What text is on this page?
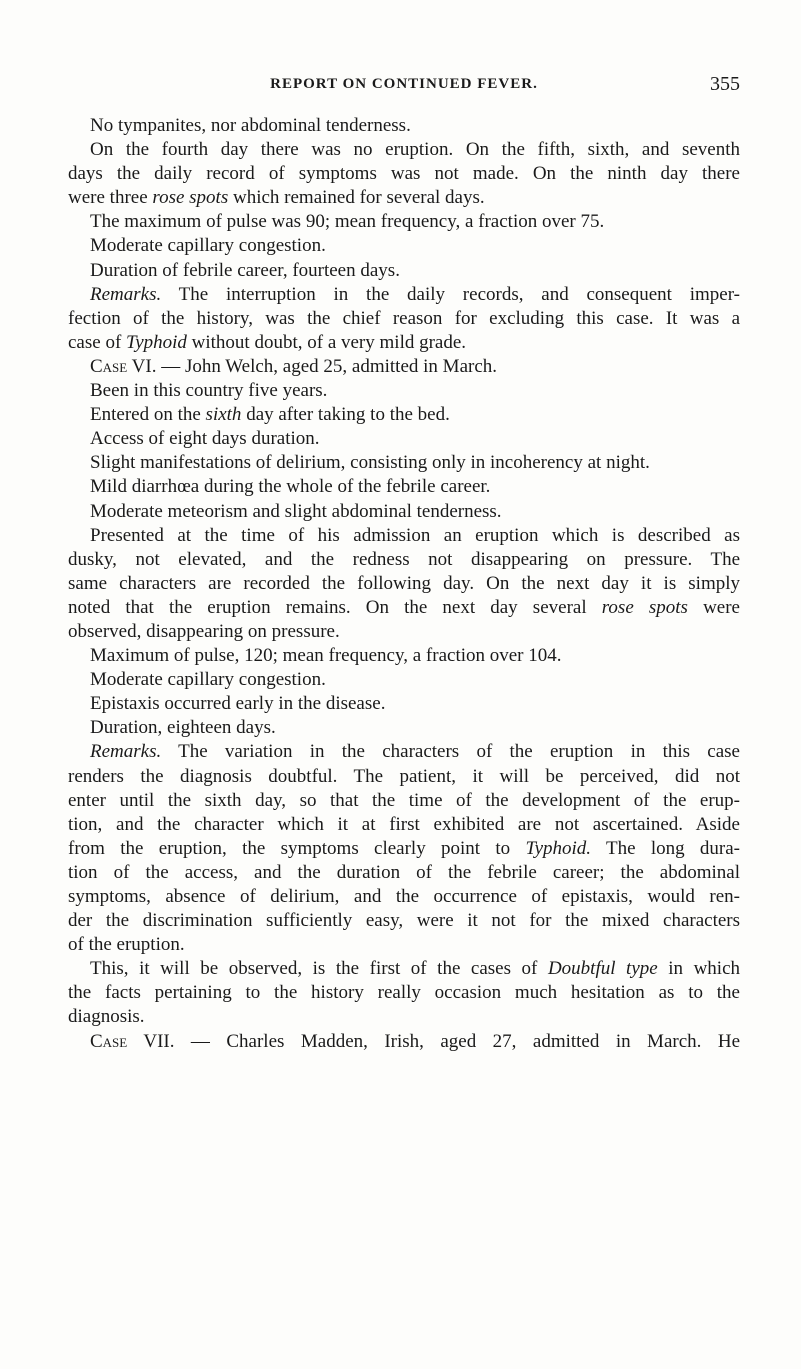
REPORT ON CONTINUED FEVER.	355
No tympanites, nor abdominal tenderness.
On the fourth day there was no eruption. On the fifth, sixth, and seventh
days the daily record of symptoms was not made. On the ninth day there
were three rose spots which remained for several days.
The maximum of pulse was 90; mean frequency, a fraction over 75.
Moderate capillary congestion.
Duration of febrile career, fourteen days.
Remarks. The interruption in the daily records, and consequent imper-
fection of the history, was the chief reason for excluding this case. It was a
case of Typhoid without doubt, of a very mild grade.
Case VI. — John Welch, aged 25, admitted in March.
Been in this country five years.
Entered on the sixth day after taking to the bed.
Access of eight days duration.
Slight manifestations of delirium, consisting only in incoherency at night.
Mild diarrhœa during the whole of the febrile career.
Moderate meteorism and slight abdominal tenderness.
Presented at the time of his admission an eruption which is described as
dusky, not elevated, and the redness not disappearing on pressure. The
same characters are recorded the following day. On the next day it is simply
noted that the eruption remains. On the next day several rose spots were
observed, disappearing on pressure.
Maximum of pulse, 120; mean frequency, a fraction over 104.
Moderate capillary congestion.
Epistaxis occurred early in the disease.
Duration, eighteen days.
Remarks. The variation in the characters of the eruption in this case
renders the diagnosis doubtful. The patient, it will be perceived, did not
enter until the sixth day, so that the time of the development of the erup-
tion, and the character which it at first exhibited are not ascertained. Aside
from the eruption, the symptoms clearly point to Typhoid. The long dura-
tion of the access, and the duration of the febrile career; the abdominal
symptoms, absence of delirium, and the occurrence of epistaxis, would ren-
der the discrimination sufficiently easy, were it not for the mixed characters
of the eruption.
This, it will be observed, is the first of the cases of Doubtful type in which
the facts pertaining to the history really occasion much hesitation as to the
diagnosis.
Case VII. — Charles Madden, Irish, aged 27, admitted in March. He
